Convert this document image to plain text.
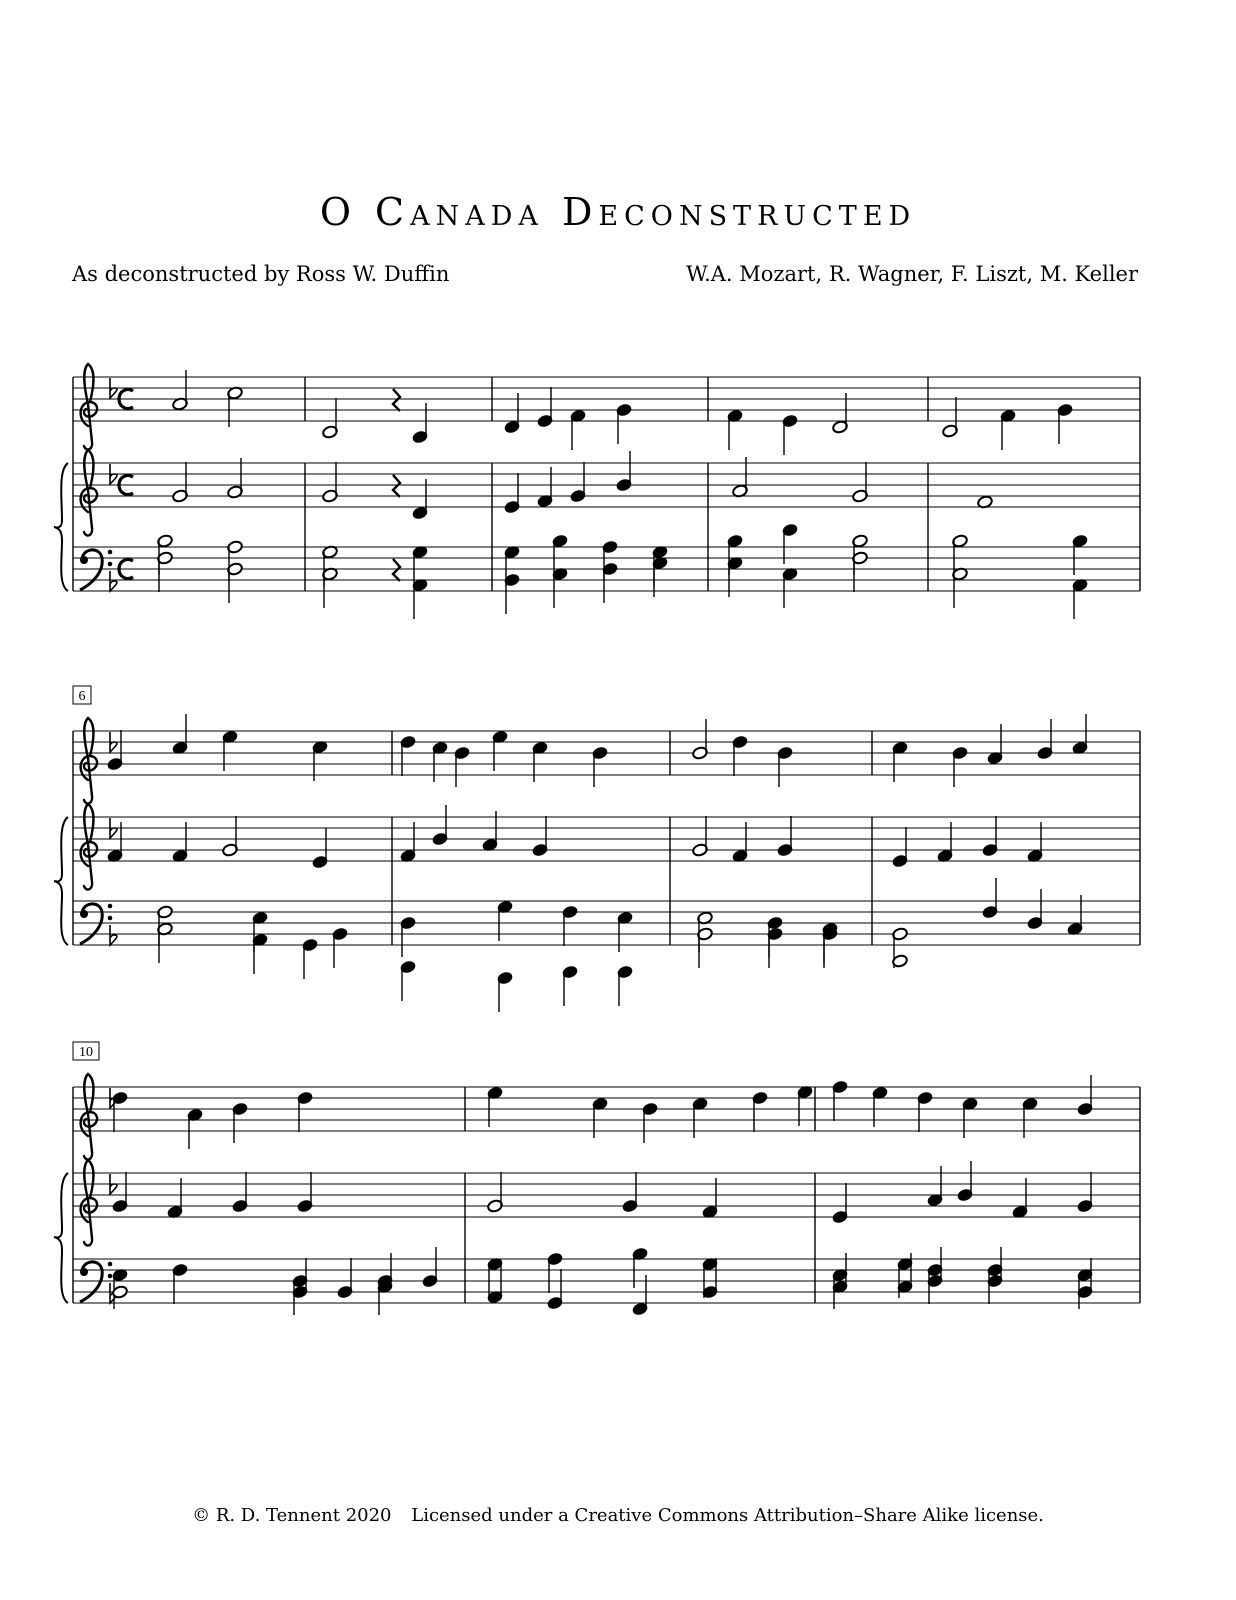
O Canada Deconstructed
As deconstructed by Ross W. Duffin	W.A. Mozart, R. Wagner, F. Liszt, M. Keller
6
10
© R. D. Tennent 2020 Licensed under a Creative Commons Attribution–Share Alike license.
